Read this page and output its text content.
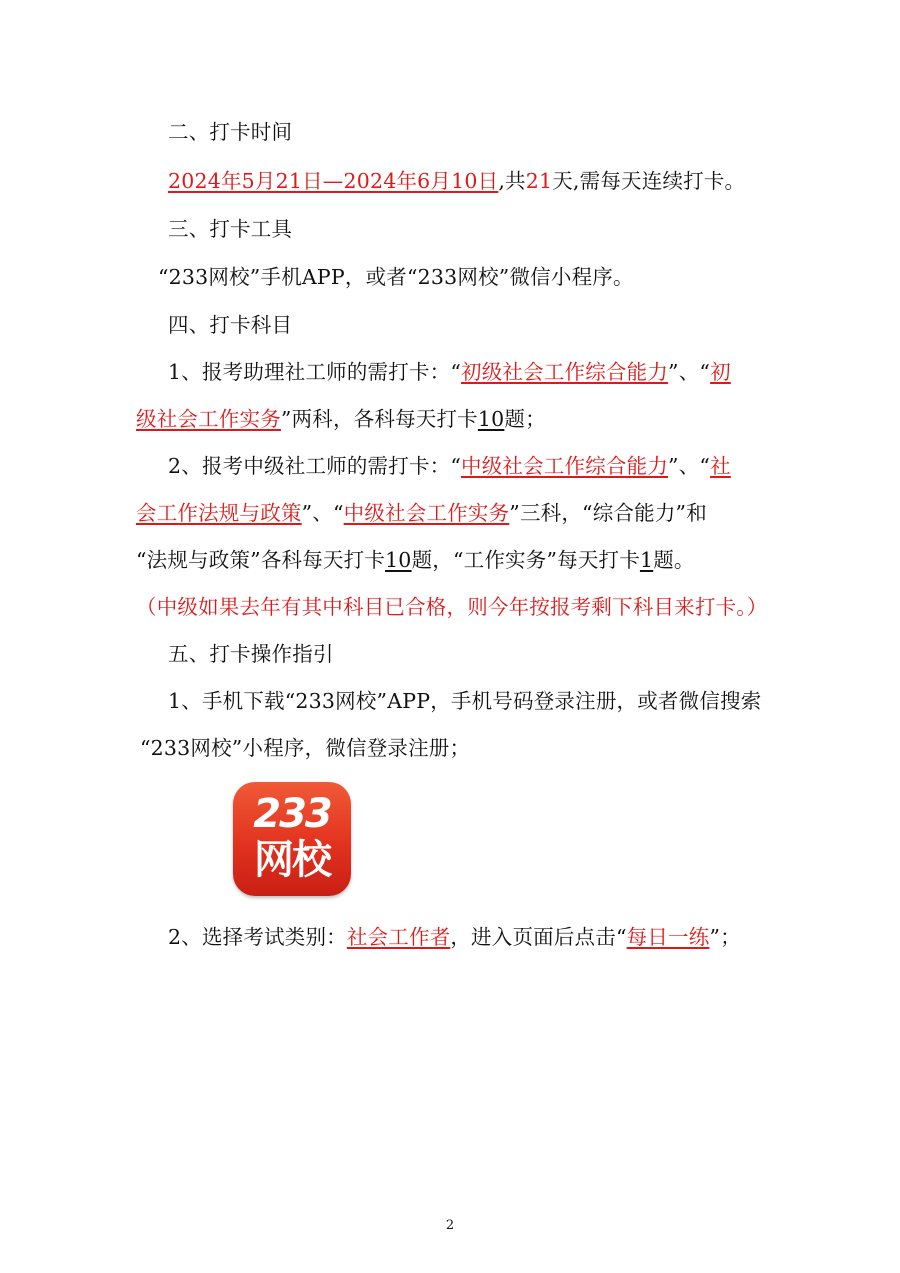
二、打卡时间
2024年5月21日—2024年6月10日,共21天,需每天连续打卡。
三、打卡工具
“233网校”手机APP，或者“233网校”微信小程序。
四、打卡科目
1、报考助理社工师的需打卡：“初级社会工作综合能力”、“初
级社会工作实务”两科，各科每天打卡10题；
2、报考中级社工师的需打卡：“中级社会工作综合能力”、“社
会工作法规与政策”、“中级社会工作实务”三科，“综合能力”和
“法规与政策”各科每天打卡10题，“工作实务”每天打卡1题。
（中级如果去年有其中科目已合格，则今年按报考剩下科目来打卡。）
五、打卡操作指引
1、手机下载“233网校”APP，手机号码登录注册，或者微信搜索
“233网校”小程序，微信登录注册；
233
网校
2、选择考试类别：社会工作者，进入页面后点击“每日一练”；
2
